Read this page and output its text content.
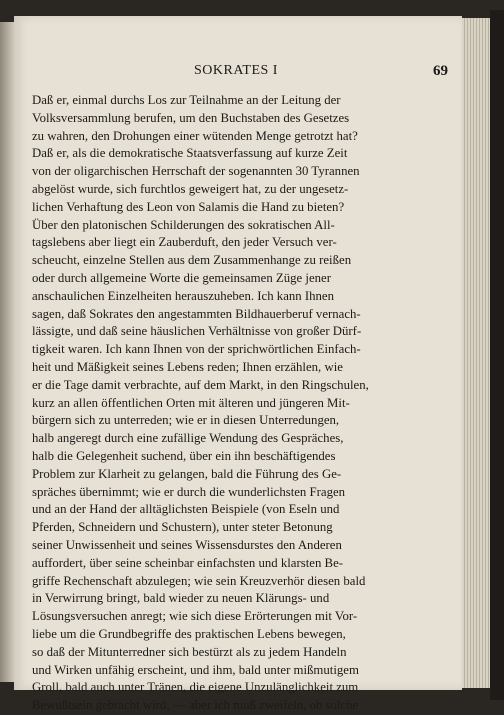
SOKRATES I	69
Daß er, einmal durchs Los zur Teilnahme an der Leitung der
Volksversammlung berufen, um den Buchstaben des Gesetzes
zu wahren, den Drohungen einer wütenden Menge getrotzt hat?
Daß er, als die demokratische Staatsverfassung auf kurze Zeit
von der oligarchischen Herrschaft der sogenannten 30 Tyrannen
abgelöst wurde, sich furchtlos geweigert hat, zu der ungesetz-
lichen Verhaftung des Leon von Salamis die Hand zu bieten?
Über den platonischen Schilderungen des sokratischen All-
tagslebens aber liegt ein Zauberduft, den jeder Versuch ver-
scheucht, einzelne Stellen aus dem Zusammenhange zu reißen
oder durch allgemeine Worte die gemeinsamen Züge jener
anschaulichen Einzelheiten herauszuheben. Ich kann Ihnen
sagen, daß Sokrates den angestammten Bildhauerberuf vernach-
lässigte, und daß seine häuslichen Verhältnisse von großer Dürf-
tigkeit waren. Ich kann Ihnen von der sprichwörtlichen Einfach-
heit und Mäßigkeit seines Lebens reden; Ihnen erzählen, wie
er die Tage damit verbrachte, auf dem Markt, in den Ringschulen,
kurz an allen öffentlichen Orten mit älteren und jüngeren Mit-
bürgern sich zu unterreden; wie er in diesen Unterredungen,
halb angeregt durch eine zufällige Wendung des Gespräches,
halb die Gelegenheit suchend, über ein ihn beschäftigendes
Problem zur Klarheit zu gelangen, bald die Führung des Ge-
spräches übernimmt; wie er durch die wunderlichsten Fragen
und an der Hand der alltäglichsten Beispiele (von Eseln und
Pferden, Schneidern und Schustern), unter steter Betonung
seiner Unwissenheit und seines Wissensdurstes den Anderen
auffordert, über seine scheinbar einfachsten und klarsten Be-
griffe Rechenschaft abzulegen; wie sein Kreuzverhör diesen bald
in Verwirrung bringt, bald wieder zu neuen Klärungs- und
Lösungsversuchen anregt; wie sich diese Erörterungen mit Vor-
liebe um die Grundbegriffe des praktischen Lebens bewegen,
so daß der Mitunterredner sich bestürzt als zu jedem Handeln
und Wirken unfähig erscheint, und ihm, bald unter mißmutigem
Groll, bald auch unter Tränen, die eigene Unzulänglichkeit zum
Bewußtsein gebracht wird; — aber ich muß zweifeln, ob solche
